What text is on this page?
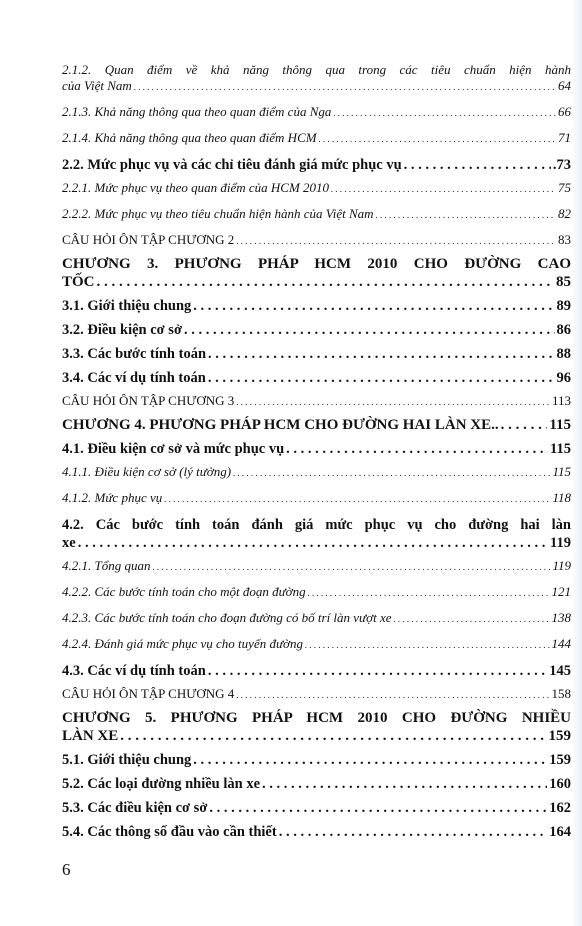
2.1.2. Quan điểm về khả năng thông qua trong các tiêu chuẩn hiện hành
của Việt Nam . . .	64
2.1.3. Khả năng thông qua theo quan điểm của Nga . . .	66
2.1.4. Khả năng thông qua theo quan điểm HCM . . .	71
2.2. Mức phục vụ và các chỉ tiêu đánh giá mức phục vụ . . .	.73
2.2.1. Mức phục vụ theo quan điểm của HCM 2010 . . .	75
2.2.2. Mức phục vụ theo tiêu chuẩn hiện hành của Việt Nam . . .	82
CÂU HỎI ÔN TẬP CHƯƠNG 2 . . .	83
CHƯƠNG 3. PHƯƠNG PHÁP HCM 2010 CHO ĐƯỜNG CAO
TỐC . . .	85
3.1. Giới thiệu chung . . .	89
3.2. Điều kiện cơ sở . . .	86
3.3. Các bước tính toán . . .	88
3.4. Các ví dụ tính toán . . .	96
CÂU HỎI ÔN TẬP CHƯƠNG 3 . . .	113
CHƯƠNG 4. PHƯƠNG PHÁP HCM CHO ĐƯỜNG HAI LÀN XE.. . . .	115
4.1. Điều kiện cơ sở và mức phục vụ . . .	115
4.1.1. Điều kiện cơ sở (lý tưởng) . . .	115
4.1.2. Mức phục vụ . . .	118
4.2. Các bước tính toán đánh giá mức phục vụ cho đường hai làn
xe . . .	119
4.2.1. Tổng quan . . .	119
4.2.2. Các bước tính toán cho một đoạn đường . . .	121
4.2.3. Các bước tính toán cho đoạn đường có bố trí làn vượt xe . . .	138
4.2.4. Đánh giá mức phục vụ cho tuyến đường . . .	144
4.3. Các ví dụ tính toán . . .	145
CÂU HỎI ÔN TẬP CHƯƠNG 4 . . .	158
CHƯƠNG 5. PHƯƠNG PHÁP HCM 2010 CHO ĐƯỜNG NHIỀU
LÀN XE . . .	159
5.1. Giới thiệu chung . . .	159
5.2. Các loại đường nhiều làn xe . . .	160
5.3. Các điều kiện cơ sở . . .	162
5.4. Các thông số đầu vào cần thiết . . .	164
6
